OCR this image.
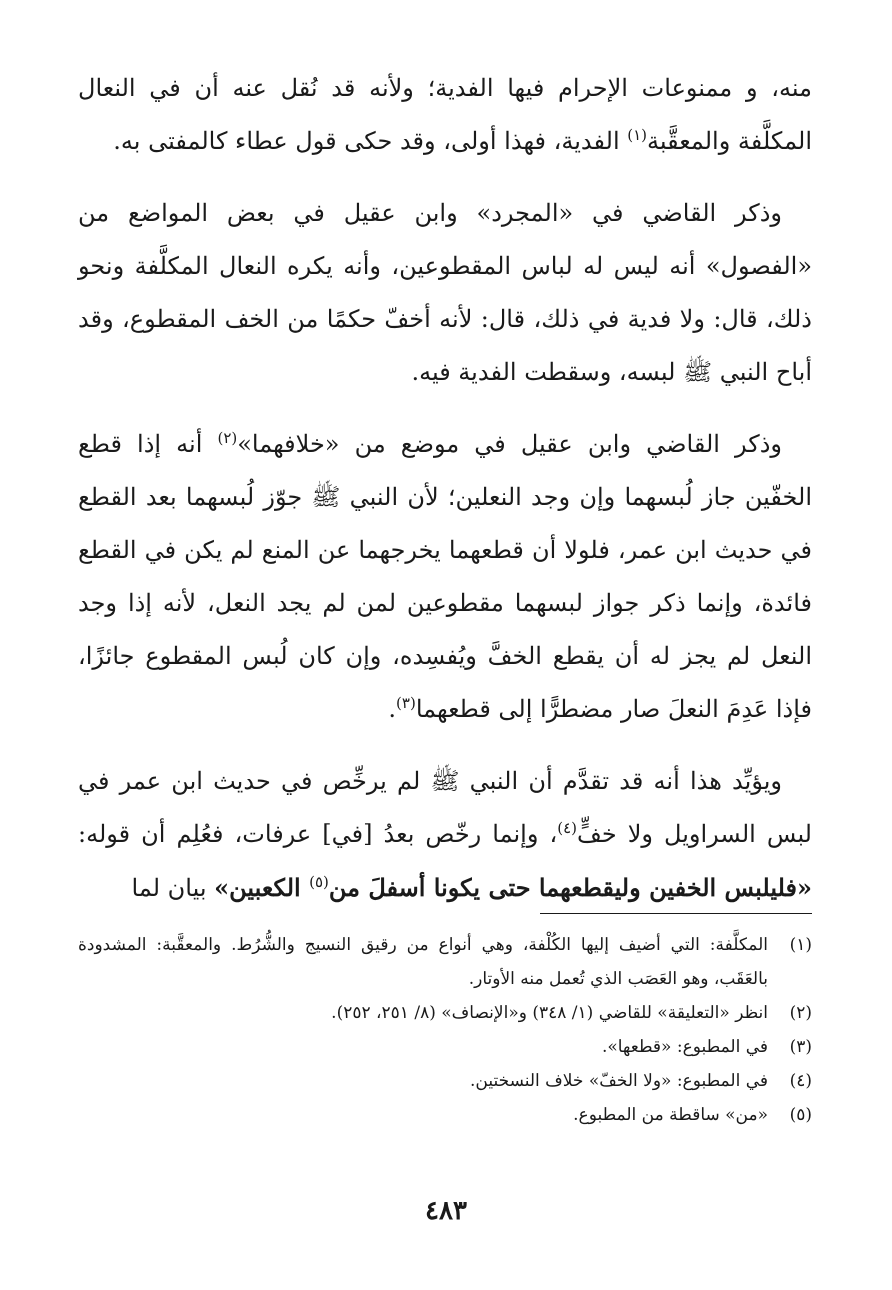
منه، و ممنوعات الإحرام فيها الفدية؛ ولأنه قد نُقل عنه أن في النعال المكلَّفة والمعقَّبة$^{(١)}$ الفدية، فهذا أولى، وقد حكى قول عطاء كالمفتى به.

وذكر القاضي في «المجرد» وابن عقيل في بعض المواضع من «الفصول» أنه ليس له لباس المقطوعين، وأنه يكره النعال المكلَّفة ونحو ذلك، قال: ولا فدية في ذلك، قال: لأنه أخفّ حكمًا من الخف المقطوع، وقد أباح النبي ﷺ لبسه، وسقطت الفدية فيه.

وذكر القاضي وابن عقيل في موضع من «خلافهما»$^{(٢)}$ أنه إذا قطع الخفّين جاز لُبسهما وإن وجد النعلين؛ لأن النبي ﷺ جوّز لُبسهما بعد القطع في حديث ابن عمر، فلولا أن قطعهما يخرجهما عن المنع لم يكن في القطع فائدة، وإنما ذكر جواز لبسهما مقطوعين لمن لم يجد النعل، لأنه إذا وجد النعل لم يجز له أن يقطع الخفَّ ويُفسِده، وإن كان لُبس المقطوع جائزًا، فإذا عَدِمَ النعلَ صار مضطرًّا إلى قطعهما$^{(٣)}$.

ويؤيِّد هذا أنه قد تقدَّم أن النبي ﷺ لم يرخِّص في حديث ابن عمر في لبس السراويل ولا خفٍّ$^{(٤)}$، وإنما رخّص بعدُ [في] عرفات، فعُلِم أن قوله: «فليلبس الخفين وليقطعهما حتى يكونا أسفلَ من$^{(٥)}$ الكعبين» بيان لما

(١)
المكلَّفة: التي أضيف إليها الكُلْفة، وهي أنواع من رقيق النسيج والشُّرُط. والمعقَّبة: المشدودة بالعَقَب، وهو العَصَب الذي تُعمل منه الأوتار.

(٢)
انظر «التعليقة» للقاضي (١/ ٣٤٨) و«الإنصاف» (٨/ ٢٥١، ٢٥٢).

(٣)
في المطبوع: «قطعها».

(٤)
في المطبوع: «ولا الخفّ» خلاف النسختين.

(٥)
«من» ساقطة من المطبوع.

٤٨٣
